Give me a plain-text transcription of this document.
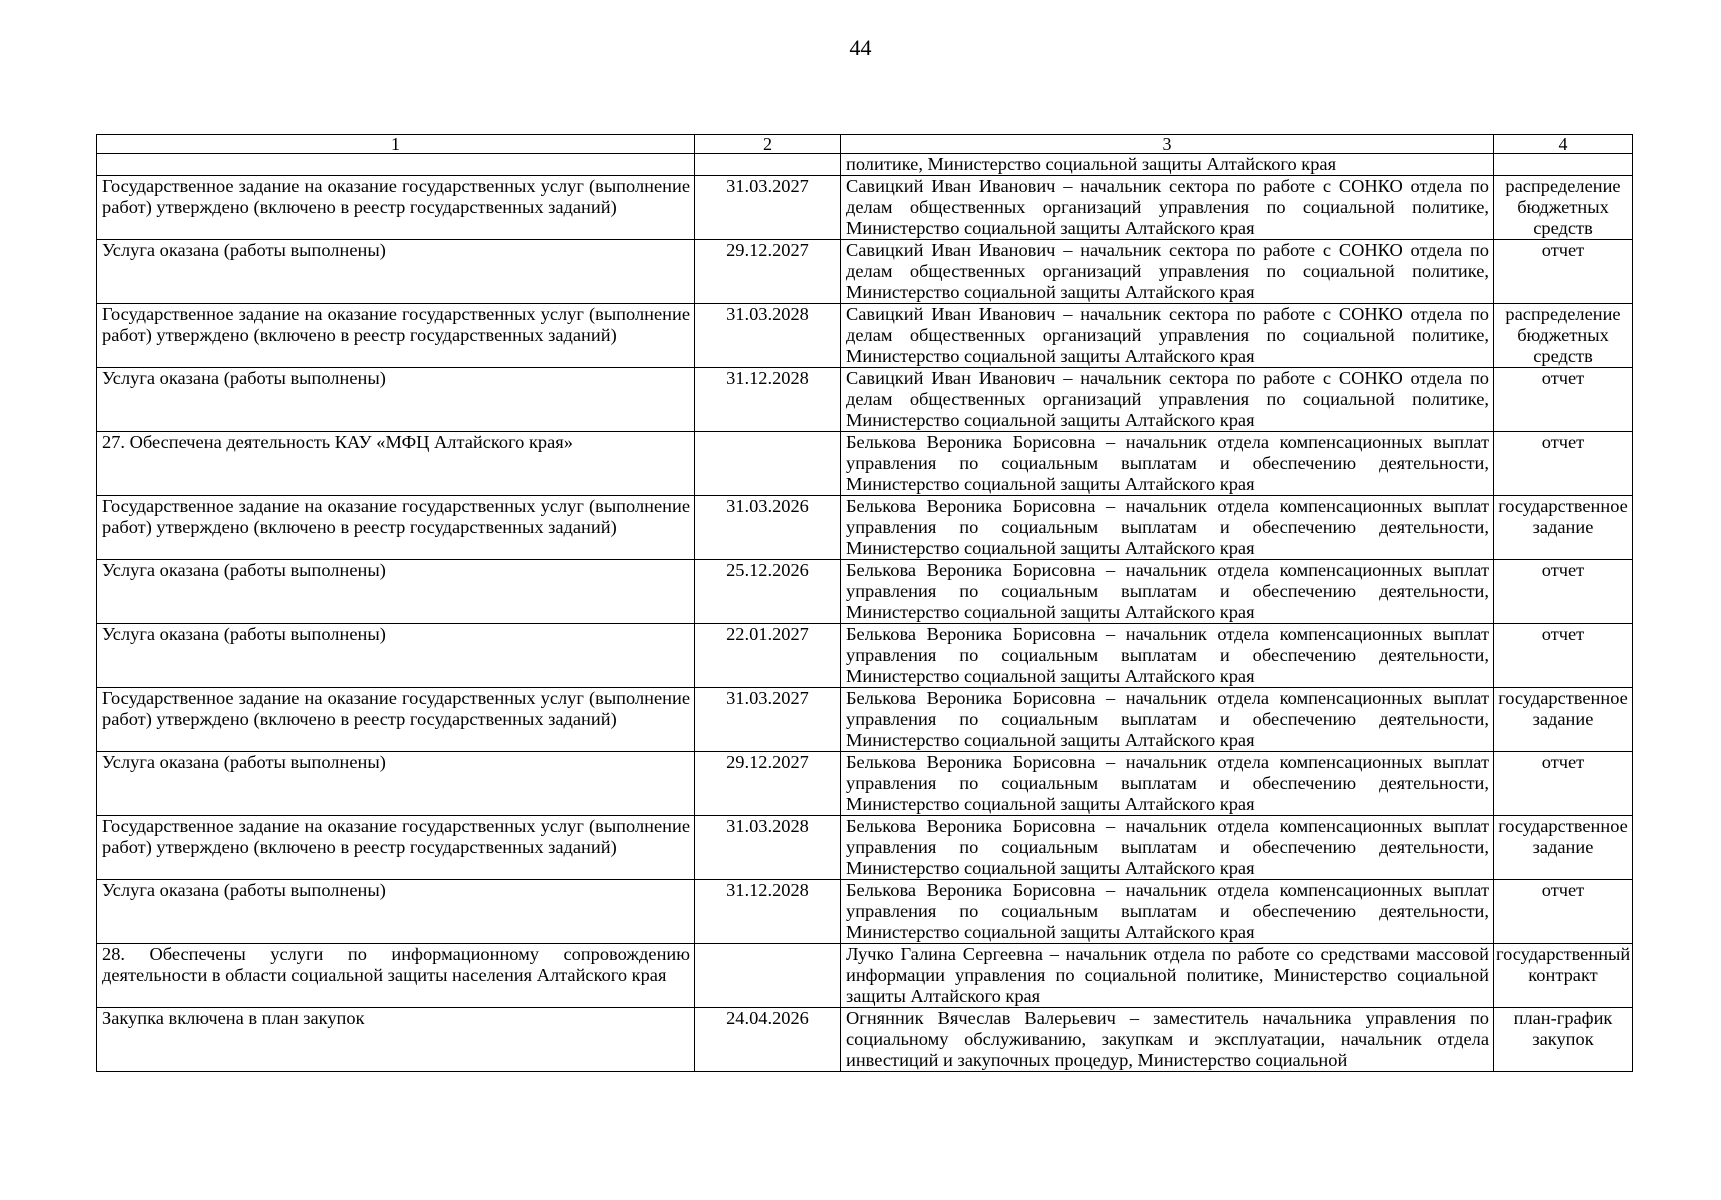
44
1	2	3	4
		политике, Министерство социальной защиты Алтайского края	
Государственное задание на оказание государственных услуг (выполнение работ) утверждено (включено в реестр государственных заданий)	31.03.2027	Савицкий Иван Иванович – начальник сектора по работе с СОНКО отдела по делам общественных организаций управления по социальной политике, Министерство социальной защиты Алтайского края	распределение бюджетных средств
Услуга оказана (работы выполнены)	29.12.2027	Савицкий Иван Иванович – начальник сектора по работе с СОНКО отдела по делам общественных организаций управления по социальной политике, Министерство социальной защиты Алтайского края	отчет
Государственное задание на оказание государственных услуг (выполнение работ) утверждено (включено в реестр государственных заданий)	31.03.2028	Савицкий Иван Иванович – начальник сектора по работе с СОНКО отдела по делам общественных организаций управления по социальной политике, Министерство социальной защиты Алтайского края	распределение бюджетных средств
Услуга оказана (работы выполнены)	31.12.2028	Савицкий Иван Иванович – начальник сектора по работе с СОНКО отдела по делам общественных организаций управления по социальной политике, Министерство социальной защиты Алтайского края	отчет
27. Обеспечена деятельность КАУ «МФЦ Алтайского края»		Белькова Вероника Борисовна – начальник отдела компенсационных выплат управления по социальным выплатам и обеспечению деятельности, Министерство социальной защиты Алтайского края	отчет
Государственное задание на оказание государственных услуг (выполнение работ) утверждено (включено в реестр государственных заданий)	31.03.2026	Белькова Вероника Борисовна – начальник отдела компенсационных выплат управления по социальным выплатам и обеспечению деятельности, Министерство социальной защиты Алтайского края	государственное задание
Услуга оказана (работы выполнены)	25.12.2026	Белькова Вероника Борисовна – начальник отдела компенсационных выплат управления по социальным выплатам и обеспечению деятельности, Министерство социальной защиты Алтайского края	отчет
Услуга оказана (работы выполнены)	22.01.2027	Белькова Вероника Борисовна – начальник отдела компенсационных выплат управления по социальным выплатам и обеспечению деятельности, Министерство социальной защиты Алтайского края	отчет
Государственное задание на оказание государственных услуг (выполнение работ) утверждено (включено в реестр государственных заданий)	31.03.2027	Белькова Вероника Борисовна – начальник отдела компенсационных выплат управления по социальным выплатам и обеспечению деятельности, Министерство социальной защиты Алтайского края	государственное задание
Услуга оказана (работы выполнены)	29.12.2027	Белькова Вероника Борисовна – начальник отдела компенсационных выплат управления по социальным выплатам и обеспечению деятельности, Министерство социальной защиты Алтайского края	отчет
Государственное задание на оказание государственных услуг (выполнение работ) утверждено (включено в реестр государственных заданий)	31.03.2028	Белькова Вероника Борисовна – начальник отдела компенсационных выплат управления по социальным выплатам и обеспечению деятельности, Министерство социальной защиты Алтайского края	государственное задание
Услуга оказана (работы выполнены)	31.12.2028	Белькова Вероника Борисовна – начальник отдела компенсационных выплат управления по социальным выплатам и обеспечению деятельности, Министерство социальной защиты Алтайского края	отчет
28. Обеспечены услуги по информационному сопровождению деятельности в области социальной защиты населения Алтайского края		Лучко Галина Сергеевна – начальник отдела по работе со средствами массовой информации управления по социальной политике, Министерство социальной защиты Алтайского края	государственный контракт
Закупка включена в план закупок	24.04.2026	Огнянник Вячеслав Валерьевич – заместитель начальника управления по социальному обслуживанию, закупкам и эксплуатации, начальник отдела инвестиций и закупочных процедур, Министерство социальной	план-график закупок
